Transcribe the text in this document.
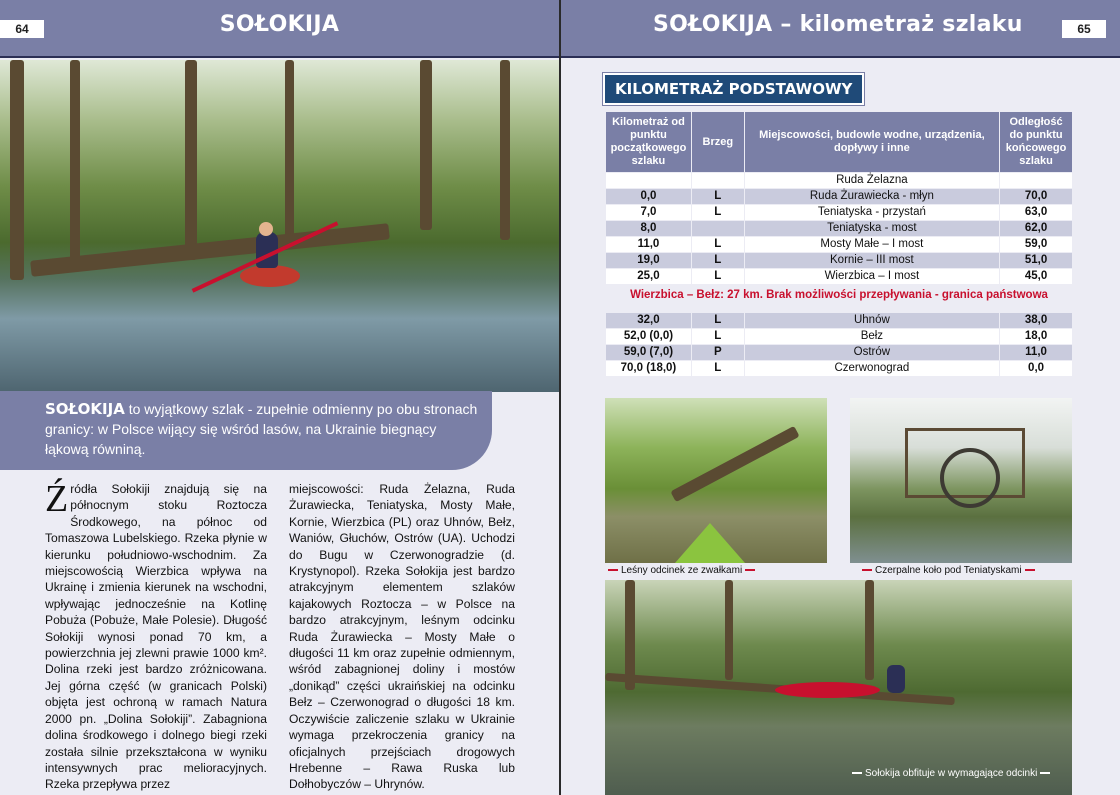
64	SOŁOKIJA
SOŁOKIJA to wyjątkowy szlak - zupełnie odmienny po obu stronach granicy: w Polsce wijący się wśród lasów, na Ukrainie biegnący łąkową równiną.
Źródła Sołokiji znajdują się na północnym stoku Roztocza Środkowego, na północ od Tomaszowa Lubelskiego. Rzeka płynie w kierunku południowo-wschodnim. Za miejscowością Wierzbica wpływa na Ukrainę i zmienia kierunek na wschodni, wpływając jednocześnie na Kotlinę Pobuża (Pobuże, Małe Polesie). Długość Sołokiji wynosi ponad 70 km, a powierzchnia jej zlewni prawie 1000 km². Dolina rzeki jest bardzo zróżnicowana. Jej górna część (w granicach Polski) objęta jest ochroną w ramach Natura 2000 pn. „Dolina Sołokiji”. Zabagniona dolina środkowego i dolnego biegi rzeki została silnie przekształcona w wyniku intensywnych prac melioracyjnych. Rzeka przepływa przez
miejscowości: Ruda Żelazna, Ruda Żurawiecka, Teniatyska, Mosty Małe, Kornie, Wierzbica (PL) oraz Uhnów, Bełz, Waniów, Głuchów, Ostrów (UA). Uchodzi do Bugu w Czerwonogradzie (d. Krystynopol). Rzeka Sołokija jest bardzo atrakcyjnym elementem szlaków kajakowych Roztocza – w Polsce na bardzo atrakcyjnym, leśnym odcinku Ruda Żurawiecka – Mosty Małe o długości 11 km oraz zupełnie odmiennym, wśród zabagnionej doliny i mostów „donikąd” części ukraińskiej na odcinku Bełz – Czerwonograd o długości 18 km. Oczywiście zaliczenie szlaku w Ukrainie wymaga przekroczenia granicy na oficjalnych przejściach drogowych Hrebenne – Rawa Ruska lub Dołhobyczów – Uhrynów.
SOŁOKIJA – kilometraż szlaku	65
KILOMETRAŻ PODSTAWOWY
Kilometraż od punktu początkowego szlaku	Brzeg	Miejscowości, budowle wodne, urządzenia, dopływy i inne	Odległość do punktu końcowego szlaku
		Ruda Żelazna	
0,0	L	Ruda Żurawiecka - młyn	70,0
7,0	L	Teniatyska - przystań	63,0
8,0		Teniatyska - most	62,0
11,0	L	Mosty Małe – I most	59,0
19,0	L	Kornie – III most	51,0
25,0	L	Wierzbica – I most	45,0
Wierzbica – Bełz: 27 km. Brak możliwości przepływania - granica państwowa			

32,0	L	Uhnów	38,0
52,0 (0,0)	L	Bełz	18,0
59,0 (7,0)	P	Ostrów	11,0
70,0 (18,0)	L	Czerwonograd	0,0
Leśny odcinek ze zwałkami	Czerpalne koło pod Teniatyskami
Sołokija obfituje w wymagające odcinki
